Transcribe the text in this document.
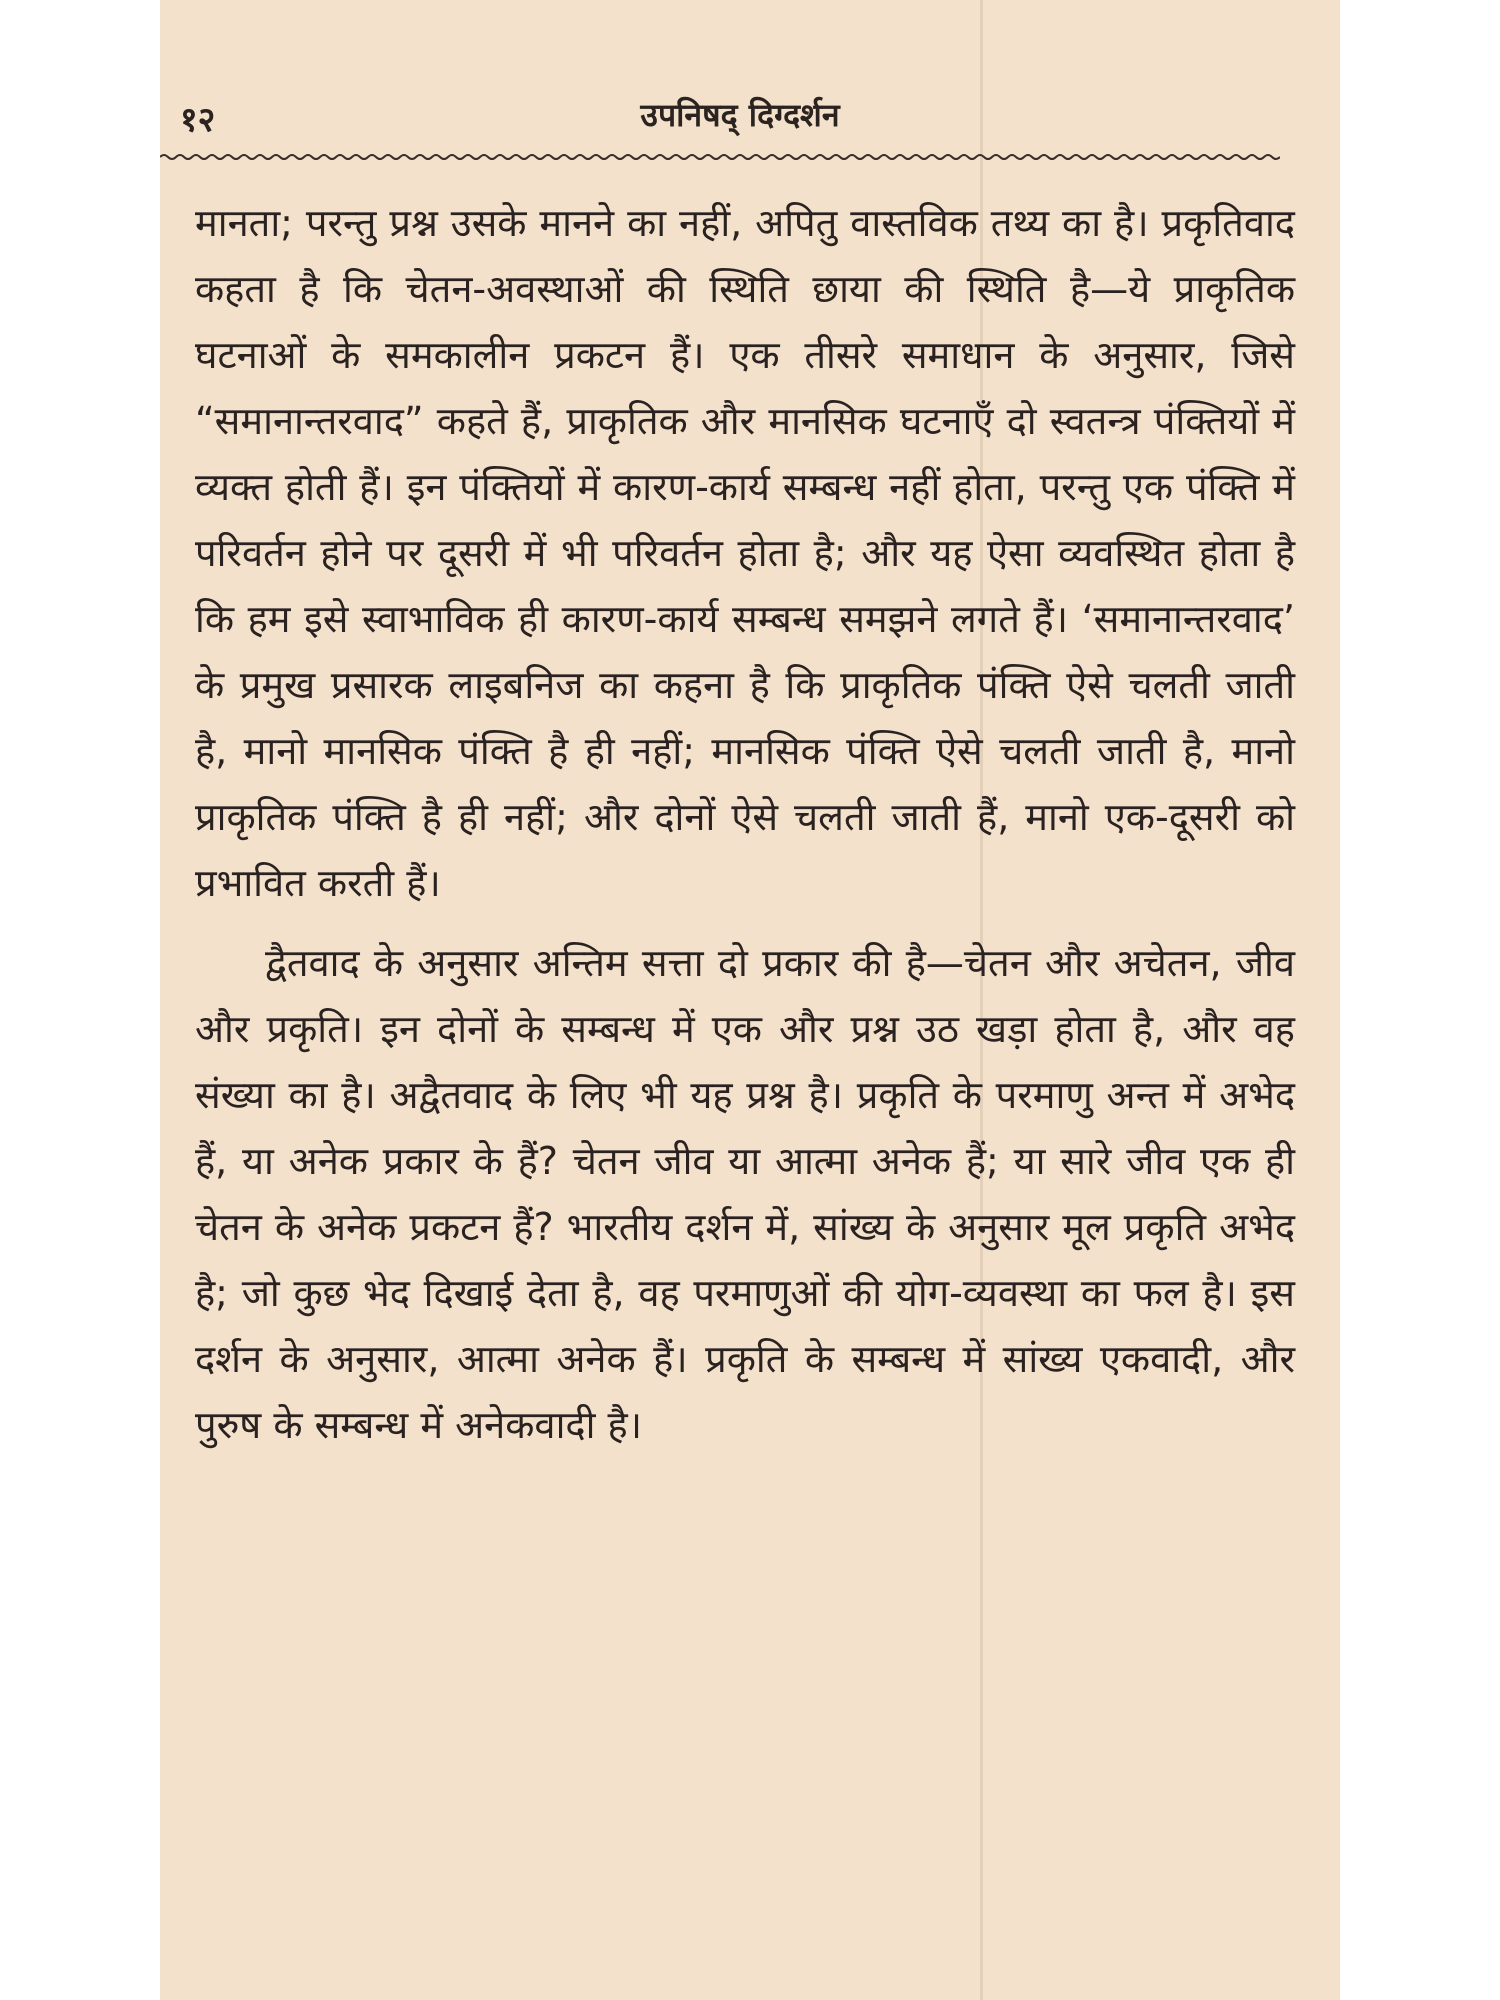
१२	उपनिषद् दिग्दर्शन

मानता; परन्तु प्रश्न उसके मानने का नहीं, अपितु वास्तविक तथ्य का है। प्रकृतिवाद कहता है कि चेतन-अवस्थाओं की स्थिति छाया की स्थिति है—ये प्राकृतिक घटनाओं के समकालीन प्रकटन हैं। एक तीसरे समाधान के अनुसार, जिसे “समानान्तरवाद” कहते हैं, प्राकृतिक और मानसिक घटनाएँ दो स्वतन्त्र पंक्तियों में व्यक्त होती हैं। इन पंक्तियों में कारण-कार्य सम्बन्ध नहीं होता, परन्तु एक पंक्ति में परिवर्तन होने पर दूसरी में भी परिवर्तन होता है; और यह ऐसा व्यवस्थित होता है कि हम इसे स्वाभाविक ही कारण-कार्य सम्बन्ध समझने लगते हैं। ‘समानान्तरवाद’ के प्रमुख प्रसारक लाइबनिज का कहना है कि प्राकृतिक पंक्ति ऐसे चलती जाती है, मानो मानसिक पंक्ति है ही नहीं; मानसिक पंक्ति ऐसे चलती जाती है, मानो प्राकृतिक पंक्ति है ही नहीं; और दोनों ऐसे चलती जाती हैं, मानो एक-दूसरी को प्रभावित करती हैं।

द्वैतवाद के अनुसार अन्तिम सत्ता दो प्रकार की है—चेतन और अचेतन, जीव और प्रकृति। इन दोनों के सम्बन्ध में एक और प्रश्न उठ खड़ा होता है, और वह संख्या का है। अद्वैतवाद के लिए भी यह प्रश्न है। प्रकृति के परमाणु अन्त में अभेद हैं, या अनेक प्रकार के हैं? चेतन जीव या आत्मा अनेक हैं; या सारे जीव एक ही चेतन के अनेक प्रकटन हैं? भारतीय दर्शन में, सांख्य के अनुसार मूल प्रकृति अभेद है; जो कुछ भेद दिखाई देता है, वह परमाणुओं की योग-व्यवस्था का फल है। इस दर्शन के अनुसार, आत्मा अनेक हैं। प्रकृति के सम्बन्ध में सांख्य एकवादी, और पुरुष के सम्बन्ध में अनेकवादी है।
